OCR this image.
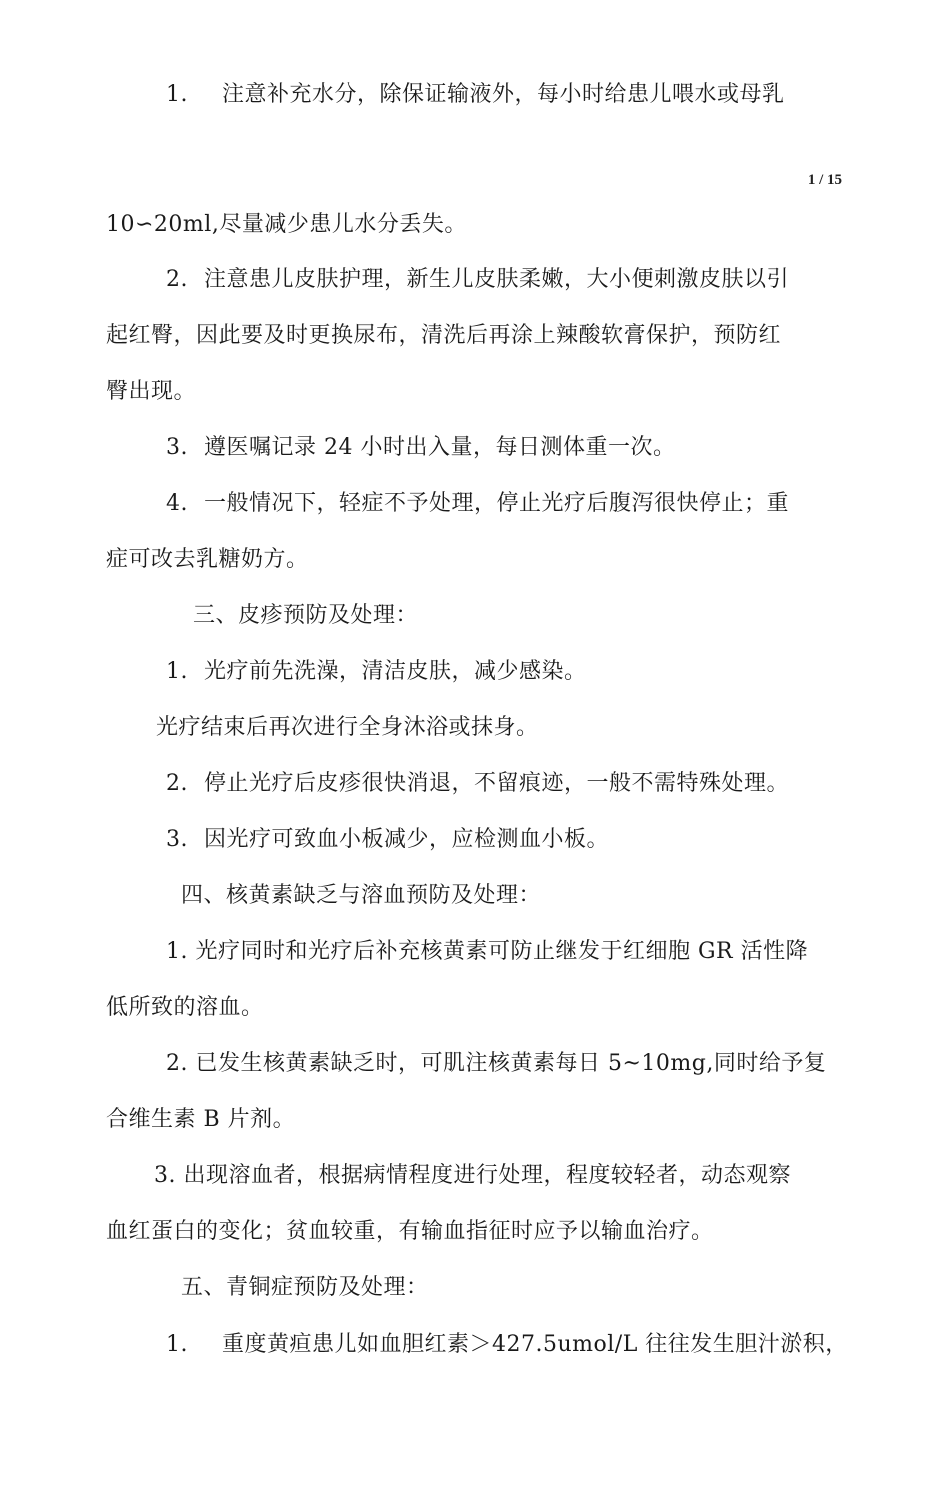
1. 注意补充水分，除保证输液外，每小时给患儿喂水或母乳
1 / 15
10∽20ml,尽量减少患儿水分丢失。
2. 注意患儿皮肤护理，新生儿皮肤柔嫩，大小便刺激皮肤以引
起红臀，因此要及时更换尿布，清洗后再涂上辣酸软膏保护，预防红
臀出现。
3. 遵医嘱记录 24 小时出入量，每日测体重一次。
4. 一般情况下，轻症不予处理，停止光疗后腹泻很快停止；重
症可改去乳糖奶方。
三、皮疹预防及处理：
1. 光疗前先洗澡，清洁皮肤，减少感染。
光疗结束后再次进行全身沐浴或抹身。
2. 停止光疗后皮疹很快消退，不留痕迹，一般不需特殊处理。
3. 因光疗可致血小板减少，应检测血小板。
四、核黄素缺乏与溶血预防及处理：
1. 光疗同时和光疗后补充核黄素可防止继发于红细胞 GR 活性降
低所致的溶血。
2. 已发生核黄素缺乏时，可肌注核黄素每日 5~10mg,同时给予复
合维生素 B 片剂。
3. 出现溶血者，根据病情程度进行处理，程度较轻者，动态观察
血红蛋白的变化；贫血较重，有输血指征时应予以输血治疗。
五、青铜症预防及处理：
1. 重度黄疸患儿如血胆红素＞427.5umol/L 往往发生胆汁淤积，
